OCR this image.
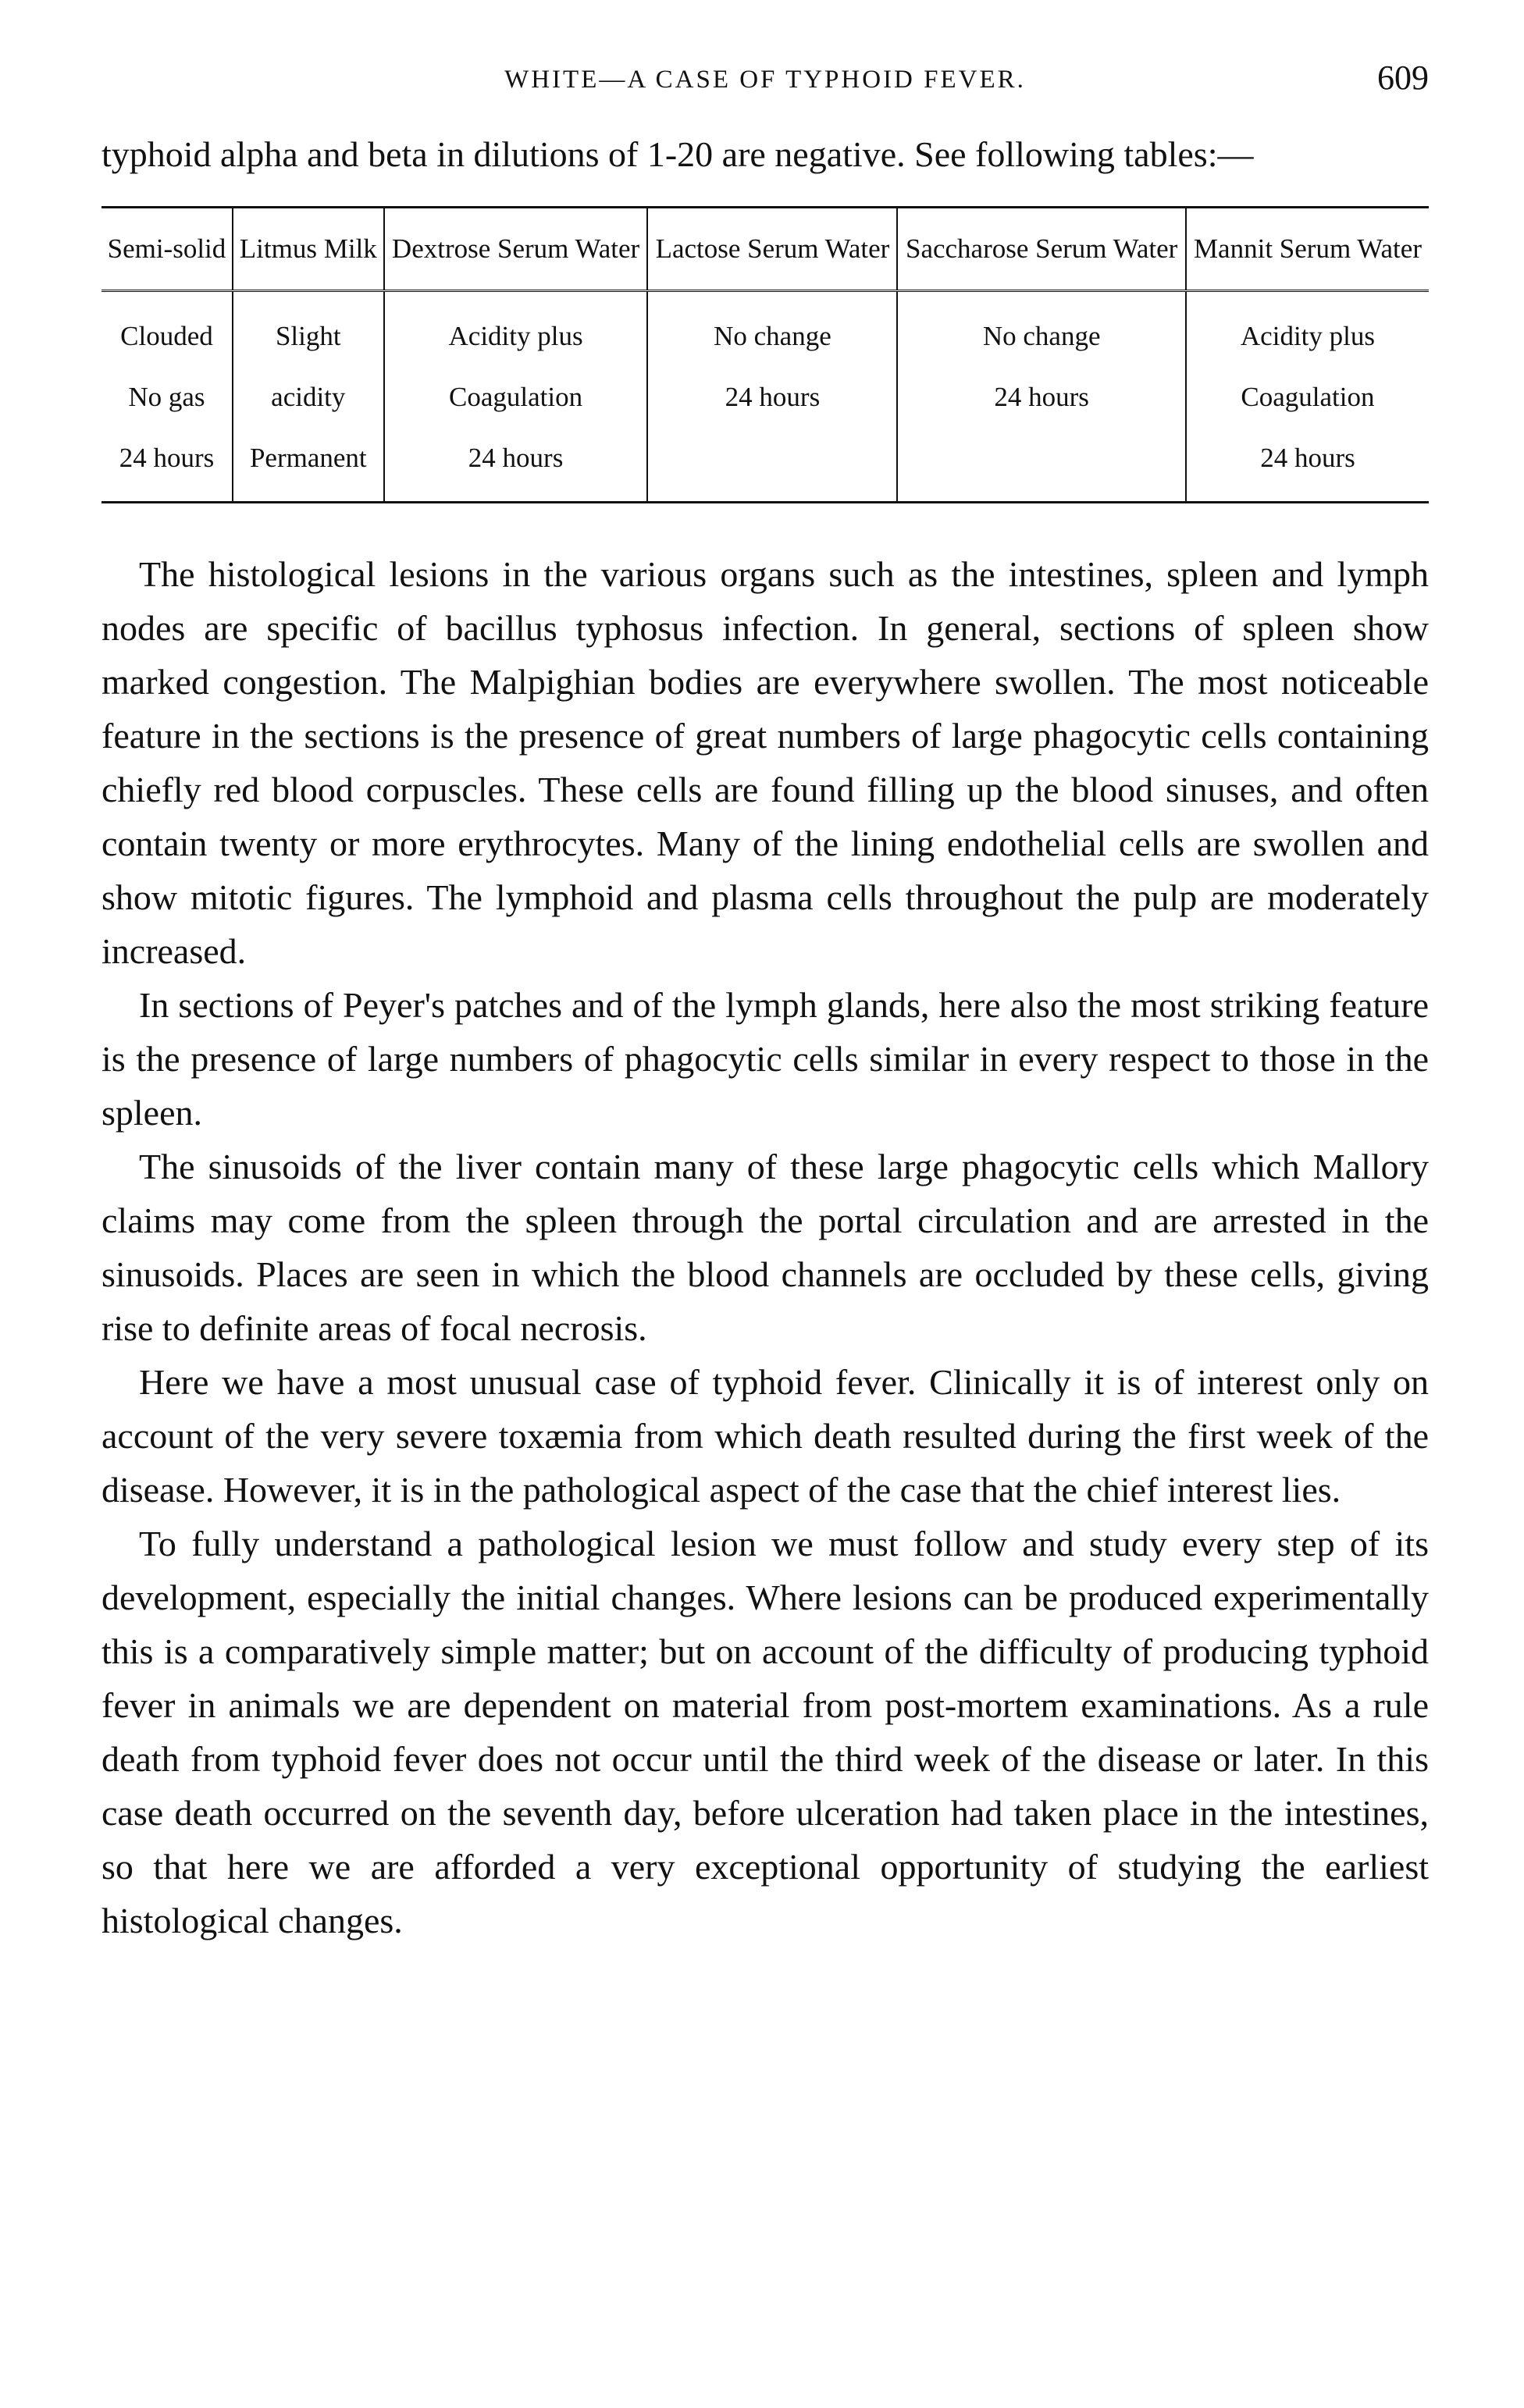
WHITE—A CASE OF TYPHOID FEVER.	609
typhoid alpha and beta in dilutions of 1-20 are negative. See following tables:—
Semi-solid	Litmus Milk	Dextrose Serum Water	Lactose Serum Water	Saccharose Serum Water	Mannit Serum Water
Clouded	Slight	Acidity plus	No change	No change	Acidity plus
No gas	acidity	Coagulation	24 hours	24 hours	Coagulation
24 hours	Permanent	24 hours			24 hours

The histological lesions in the various organs such as the intestines, spleen and lymph nodes are specific of bacillus typhosus infection. In general, sections of spleen show marked congestion. The Malpighian bodies are everywhere swollen. The most noticeable feature in the sections is the presence of great numbers of large phagocytic cells containing chiefly red blood corpuscles. These cells are found filling up the blood sinuses, and often contain twenty or more erythrocytes. Many of the lining endothelial cells are swollen and show mitotic figures. The lymphoid and plasma cells throughout the pulp are moderately increased.

In sections of Peyer's patches and of the lymph glands, here also the most striking feature is the presence of large numbers of phagocytic cells similar in every respect to those in the spleen.

The sinusoids of the liver contain many of these large phagocytic cells which Mallory claims may come from the spleen through the portal circulation and are arrested in the sinusoids. Places are seen in which the blood channels are occluded by these cells, giving rise to definite areas of focal necrosis.

Here we have a most unusual case of typhoid fever. Clinically it is of interest only on account of the very severe toxæmia from which death resulted during the first week of the disease. However, it is in the pathological aspect of the case that the chief interest lies.

To fully understand a pathological lesion we must follow and study every step of its development, especially the initial changes. Where lesions can be produced experimentally this is a comparatively simple matter; but on account of the difficulty of producing typhoid fever in animals we are dependent on material from post-mortem examinations. As a rule death from typhoid fever does not occur until the third week of the disease or later. In this case death occurred on the seventh day, before ulceration had taken place in the intestines, so that here we are afforded a very exceptional opportunity of studying the earliest histological changes.
